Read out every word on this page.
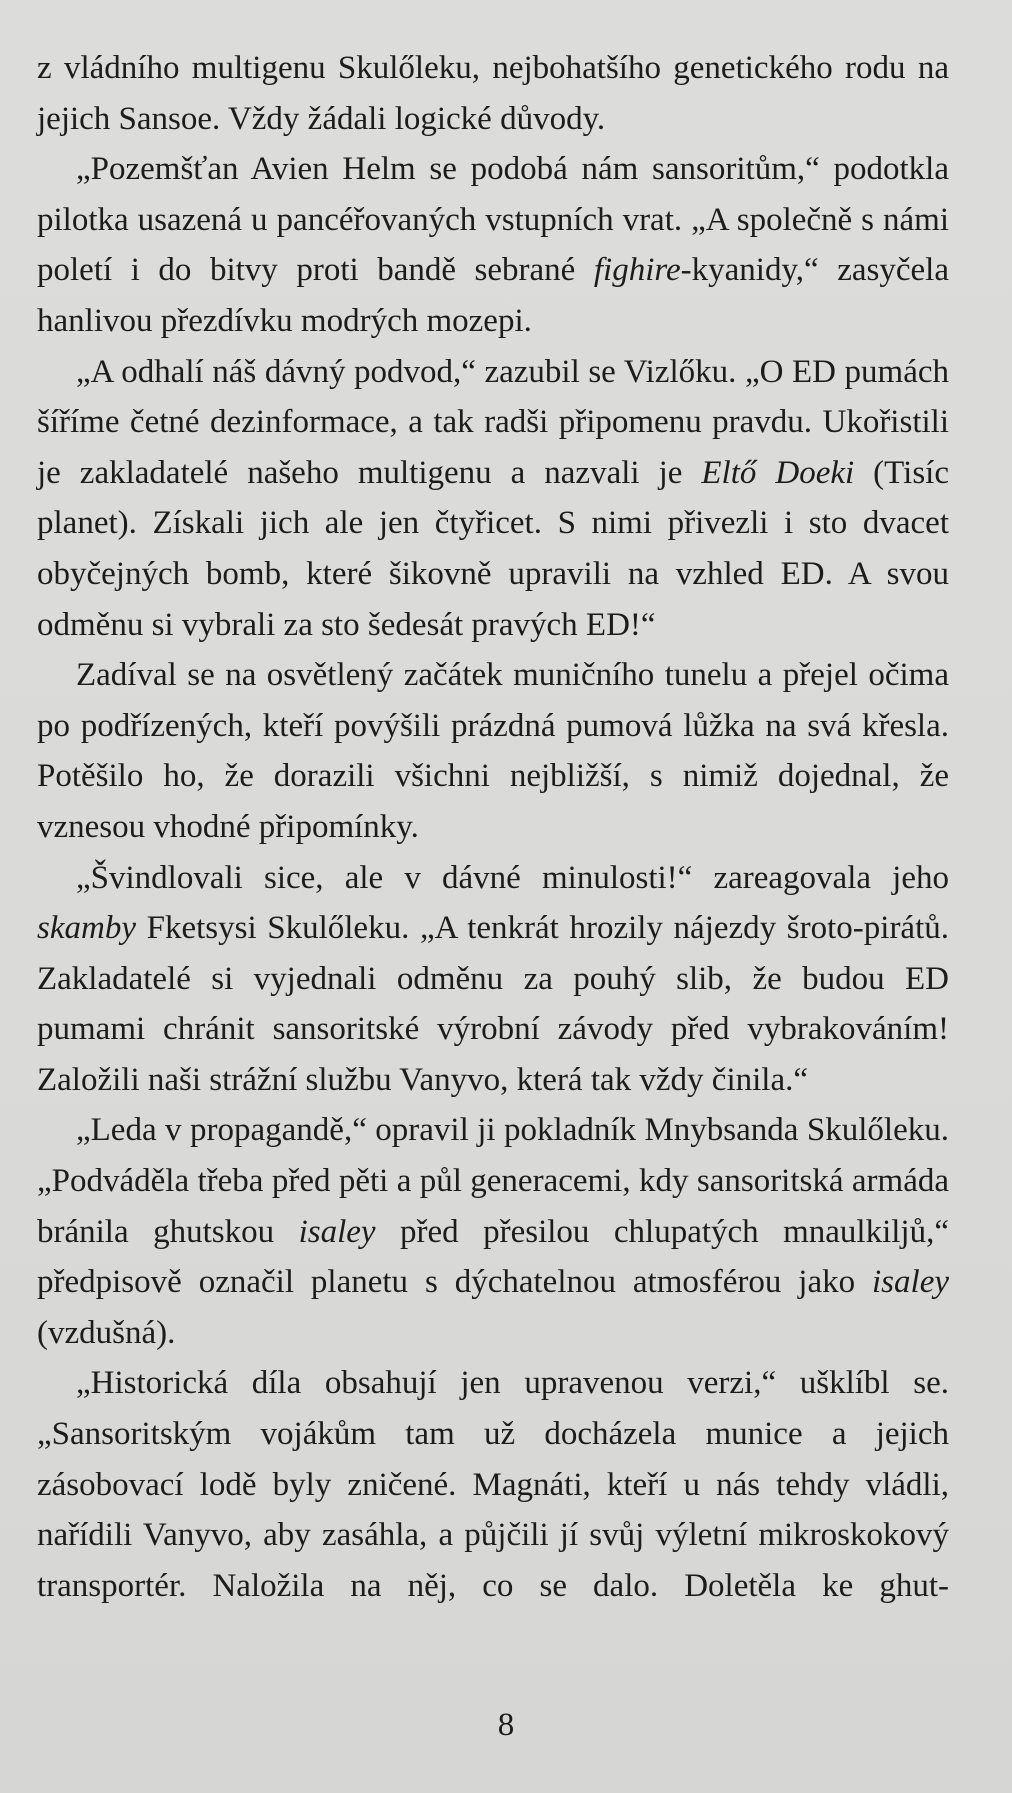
z vládního multigenu Skulőleku, nejbohatšího genetického rodu na jejich Sansoe. Vždy žádali logické důvody.

„Pozemšťan Avien Helm se podobá nám sansoritům,“ podotkla pilotka usazená u pancéřovaných vstupních vrat. „A společně s námi poletí i do bitvy proti bandě sebrané fighire-kyanidy,“ zasyčela hanlivou přezdívku modrých mozepi.

„A odhalí náš dávný podvod,“ zazubil se Vizlőku. „O ED pumách šíříme četné dezinformace, a tak radši připomenu pravdu. Ukořistili je zakladatelé našeho multigenu a nazvali je Eltő Doeki (Tisíc planet). Získali jich ale jen čtyřicet. S nimi přivezli i sto dvacet obyčejných bomb, které šikovně upravili na vzhled ED. A svou odměnu si vybrali za sto šedesát pravých ED!“

Zadíval se na osvětlený začátek muničního tunelu a přejel očima po podřízených, kteří povýšili prázdná pumová lůžka na svá křesla. Potěšilo ho, že dorazili všichni nejbližší, s nimiž dojednal, že vznesou vhodné připomínky.

„Švindlovali sice, ale v dávné minulosti!“ zareagovala jeho skamby Fketsysi Skulőleku. „A tenkrát hrozily nájezdy šroto-pirátů. Zakladatelé si vyjednali odměnu za pouhý slib, že budou ED pumami chránit sansoritské výrobní závody před vybrakováním! Založili naši strážní službu Vanyvo, která tak vždy činila.“

„Leda v propagandě,“ opravil ji pokladník Mnybsanda Skulőleku. „Podváděla třeba před pěti a půl generacemi, kdy sansoritská armáda bránila ghutskou isaley před přesilou chlupatých mnaulkiljů,“ předpisově označil planetu s dýchatelnou atmosférou jako isaley (vzdušná).

„Historická díla obsahují jen upravenou verzi,“ ušklíbl se. „Sansoritským vojákům tam už docházela munice a jejich zásobovací lodě byly zničené. Magnáti, kteří u nás tehdy vládli, nařídili Vanyvo, aby zasáhla, a půjčili jí svůj výletní mikroskokový transportér. Naložila na něj, co se dalo. Doletěla ke ghut-

8
